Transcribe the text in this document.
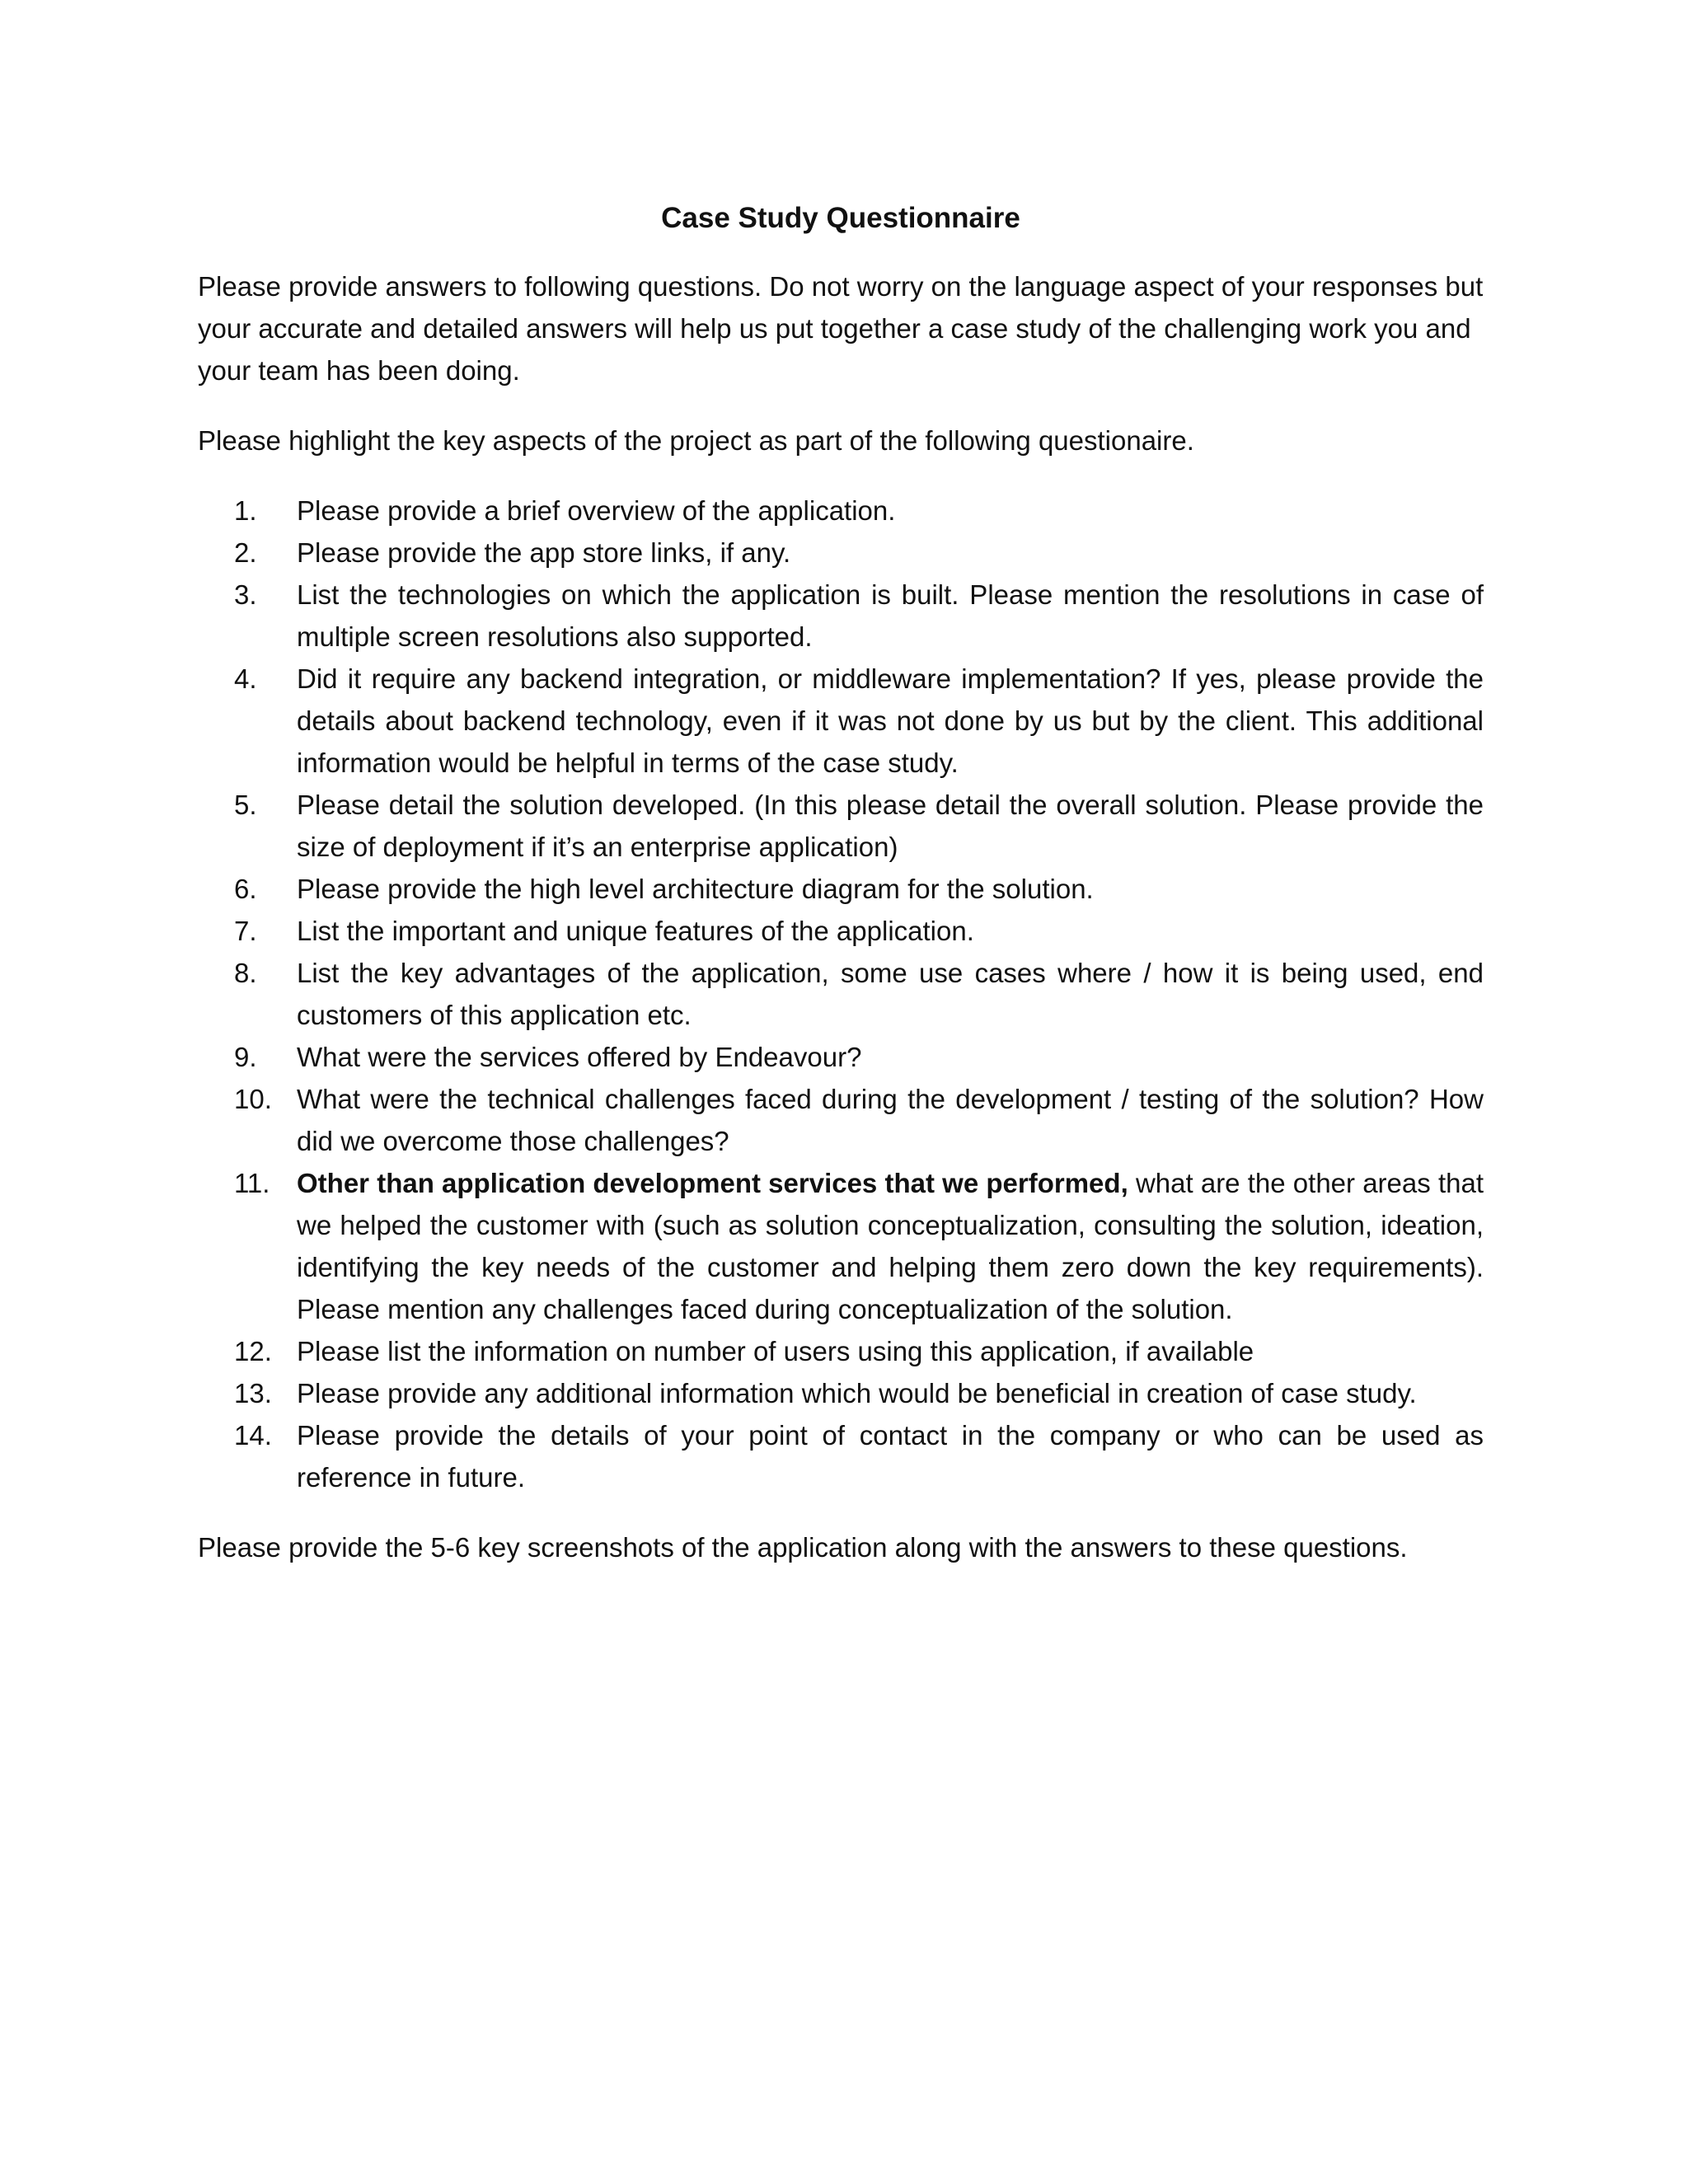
Case Study Questionnaire

Please provide answers to following questions. Do not worry on the language aspect of your responses but your accurate and detailed answers will help us put together a case study of the challenging work you and your team has been doing.

Please highlight the key aspects of the project as part of the following questionaire.

1.	Please provide a brief overview of the application.
2.	Please provide the app store links, if any.
3.	List the technologies on which the application is built. Please mention the resolutions in case of multiple screen resolutions also supported.
4.	Did it require any backend integration, or middleware implementation? If yes, please provide the details about backend technology, even if it was not done by us but by the client. This additional information would be helpful in terms of the case study.
5.	Please detail the solution developed. (In this please detail the overall solution. Please provide the size of deployment if it’s an enterprise application)
6.	Please provide the high level architecture diagram for the solution.
7.	List the important and unique features of the application.
8.	List the key advantages of the application, some use cases where / how it is being used, end customers of this application etc.
9.	What were the services offered by Endeavour?
10. What were the technical challenges faced during the development / testing of the solution? How did we overcome those challenges?
11. Other than application development services that we performed, what are the other areas that we helped the customer with (such as solution conceptualization, consulting the solution, ideation, identifying the key needs of the customer and helping them zero down the key requirements). Please mention any challenges faced during conceptualization of the solution.
12. Please list the information on number of users using this application, if available
13. Please provide any additional information which would be beneficial in creation of case study.
14. Please provide the details of your point of contact in the company or who can be used as reference in future.

Please provide the 5-6 key screenshots of the application along with the answers to these questions.
